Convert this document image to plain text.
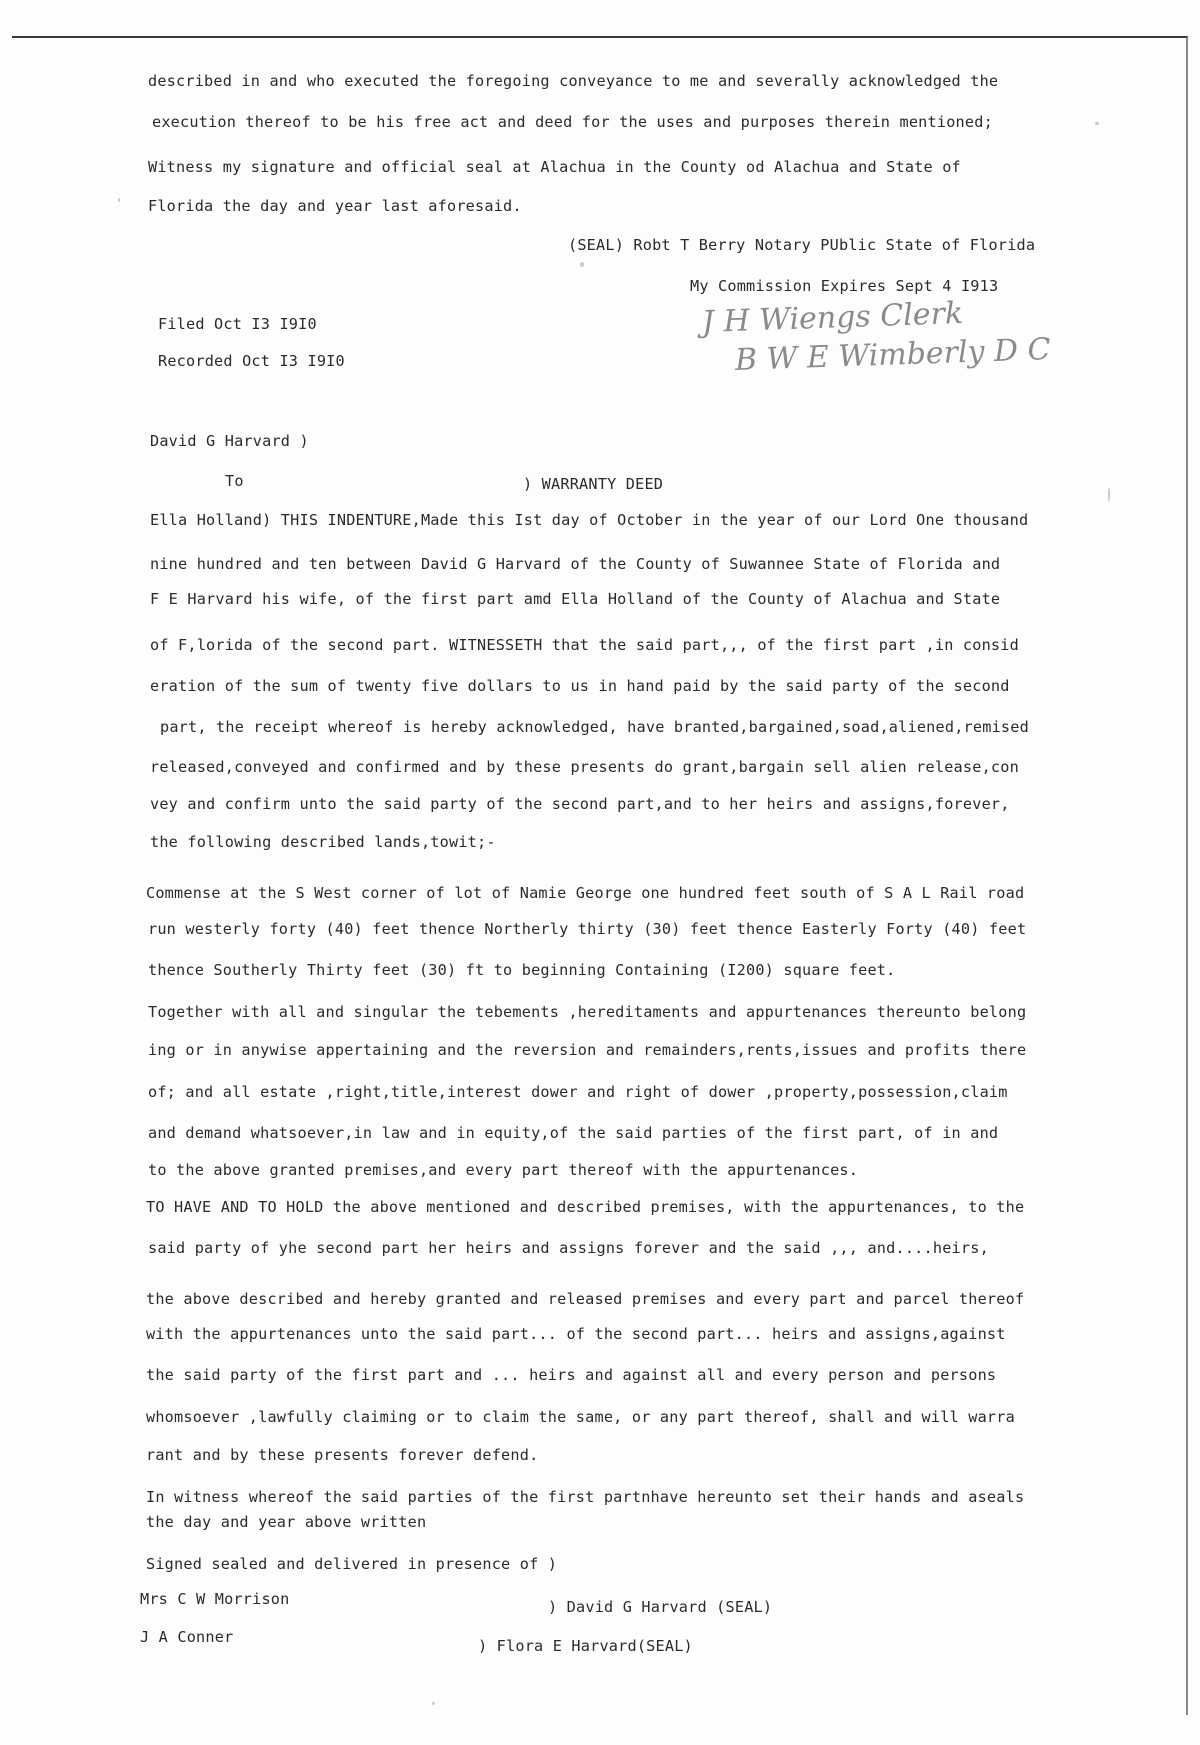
described in and who executed the foregoing conveyance to me and severally acknowledged the
execution thereof to be his free act and deed for the uses and purposes therein mentioned;
Witness my signature and official seal at Alachua in the County od Alachua and State of
Florida the day and year last aforesaid.
(SEAL) Robt T Berry Notary PUblic State of Florida
My Commission Expires Sept 4 I913
Filed Oct I3 I9I0
Recorded Oct I3 I9I0
J H Wiengs Clerk
B W E Wimberly D C
David G Harvard )
To	) WARRANTY DEED
Ella Holland) THIS INDENTURE,Made this Ist day of October in the year of our Lord One thousand
nine hundred and ten between David G Harvard of the County of Suwannee State of Florida and
F E Harvard his wife, of the first part amd Ella Holland of the County of Alachua and State
of F,lorida of the second part. WITNESSETH that the said part,,, of the first part ,in consid
eration of the sum of twenty five dollars to us in hand paid by the said party of the second
part, the receipt whereof is hereby acknowledged, have branted,bargained,soad,aliened,remised
released,conveyed and confirmed and by these presents do grant,bargain sell alien release,con
vey and confirm unto the said party of the second part,and to her heirs and assigns,forever,
the following described lands,towit;-
Commense at the S West corner of lot of Namie George one hundred feet south of S A L Rail road
run westerly forty (40) feet thence Northerly thirty (30) feet thence Easterly Forty (40) feet
thence Southerly Thirty feet (30) ft to beginning Containing (I200) square feet.
Together with all and singular the tebements ,hereditaments and appurtenances thereunto belong
ing or in anywise appertaining and the reversion and remainders,rents,issues and profits there
of; and all estate ,right,title,interest dower and right of dower ,property,possession,claim
and demand whatsoever,in law and in equity,of the said parties of the first part, of in and
to the above granted premises,and every part thereof with the appurtenances.
TO HAVE AND TO HOLD the above mentioned and described premises, with the appurtenances, to the
said party of yhe second part her heirs and assigns forever and the said ,,, and....heirs,
the above described and hereby granted and released premises and every part and parcel thereof
with the appurtenances unto the said part... of the second part... heirs and assigns,against
the said party of the first part and ... heirs and against all and every person and persons
whomsoever ,lawfully claiming or to claim the same, or any part thereof, shall and will warra
rant and by these presents forever defend.
In witness whereof the said parties of the first partnhave hereunto set their hands and aseals
the day and year above written
Signed sealed and delivered in presence of )
Mrs C W Morrison
J A Conner
) David G Harvard (SEAL)
) Flora E Harvard(SEAL)
